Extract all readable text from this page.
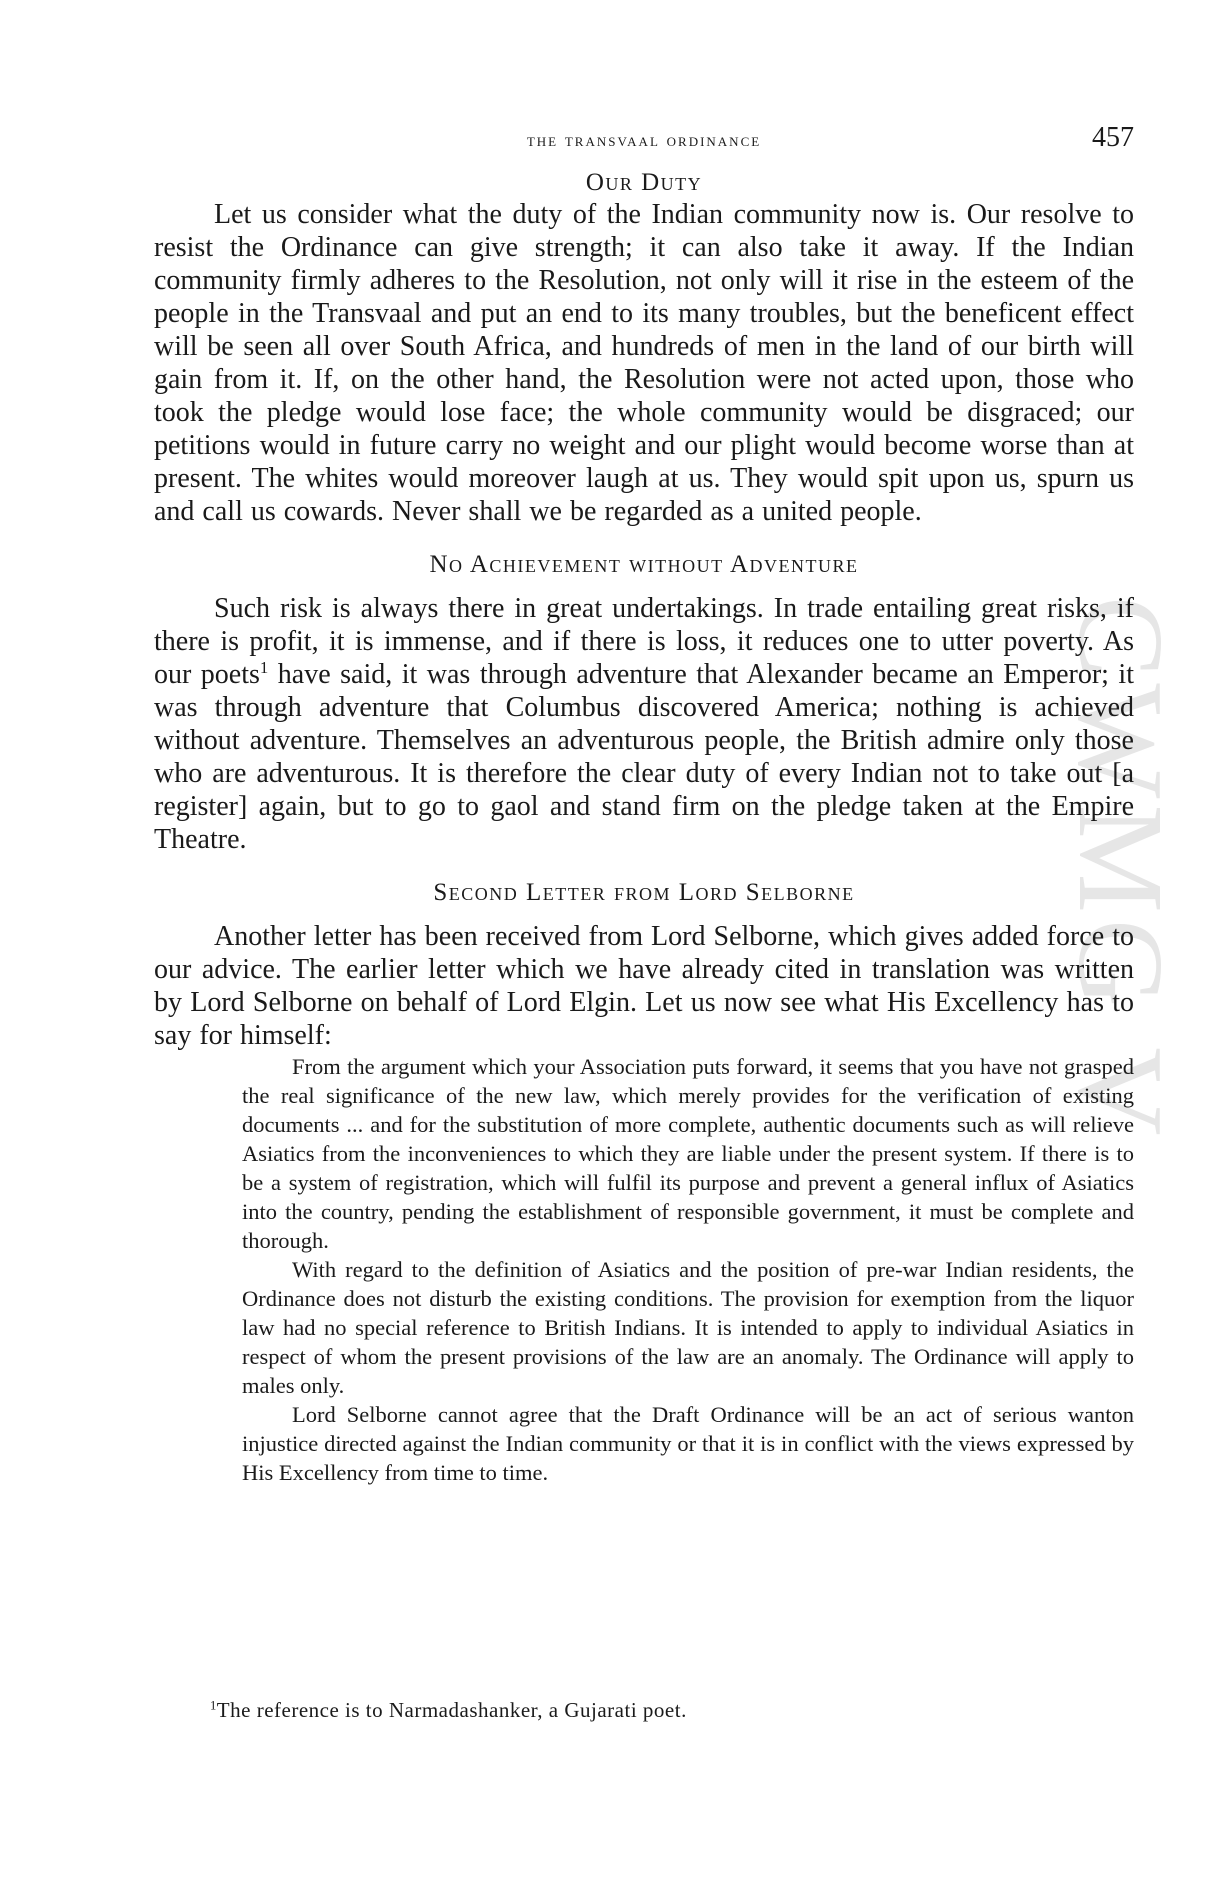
CWMG V
the transvaal ordinance	457
Our Duty

Let us consider what the duty of the Indian community now is. Our resolve to resist the Ordinance can give strength; it can also take it away. If the Indian community firmly adheres to the Resolution, not only will it rise in the esteem of the people in the Transvaal and put an end to its many troubles, but the beneficent effect will be seen all over South Africa, and hundreds of men in the land of our birth will gain from it. If, on the other hand, the Resolution were not acted upon, those who took the pledge would lose face; the whole community would be disgraced; our petitions would in future carry no weight and our plight would become worse than at present. The whites would moreover laugh at us. They would spit upon us, spurn us and call us cowards. Never shall we be regarded as a united people.

No Achievement without Adventure

Such risk is always there in great undertakings. In trade entailing great risks, if there is profit, it is immense, and if there is loss, it reduces one to utter poverty. As our poets$^1$ have said, it was through adventure that Alexander became an Emperor; it was through adventure that Columbus discovered America; nothing is achieved without adventure. Themselves an adventurous people, the British admire only those who are adventurous. It is therefore the clear duty of every Indian not to take out [a register] again, but to go to gaol and stand firm on the pledge taken at the Empire Theatre.

Second Letter from Lord Selborne

Another letter has been received from Lord Selborne, which gives added force to our advice. The earlier letter which we have already cited in translation was written by Lord Selborne on behalf of Lord Elgin. Let us now see what His Excellency has to say for himself:

From the argument which your Association puts forward, it seems that you have not grasped the real significance of the new law, which merely provides for the verification of existing documents ... and for the substitution of more complete, authentic documents such as will relieve Asiatics from the inconveniences to which they are liable under the present system. If there is to be a system of registration, which will fulfil its purpose and prevent a general influx of Asiatics into the country, pending the establishment of responsible government, it must be complete and thorough.

With regard to the definition of Asiatics and the position of pre-war Indian residents, the Ordinance does not disturb the existing conditions. The provision for exemption from the liquor law had no special reference to British Indians. It is intended to apply to individual Asiatics in respect of whom the present provisions of the law are an anomaly. The Ordinance will apply to males only.

Lord Selborne cannot agree that the Draft Ordinance will be an act of serious wanton injustice directed against the Indian community or that it is in conflict with the views expressed by His Excellency from time to time.

$^1$The reference is to Narmadashanker, a Gujarati poet.
